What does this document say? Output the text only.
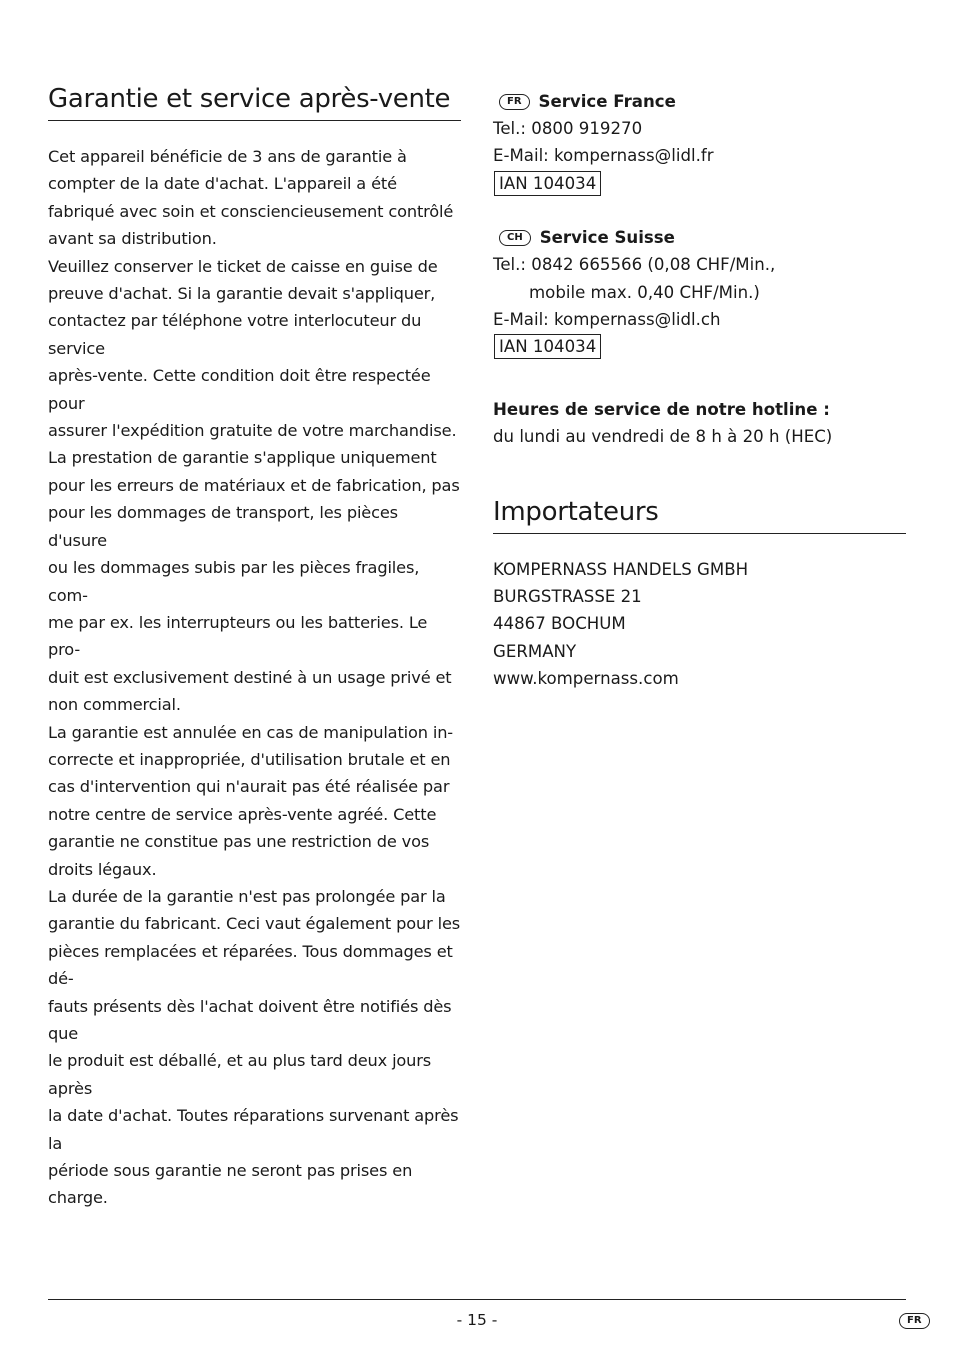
Garantie et service après-vente

Cet appareil bénéficie de 3 ans de garantie à
compter de la date d'achat. L'appareil a été
fabriqué avec soin et consciencieusement contrôlé
avant sa distribution.

Veuillez conserver le ticket de caisse en guise de
preuve d'achat. Si la garantie devait s'appliquer,
contactez par téléphone votre interlocuteur du service
après-vente. Cette condition doit être respectée pour
assurer l'expédition gratuite de votre marchandise.

La prestation de garantie s'applique uniquement
pour les erreurs de matériaux et de fabrication, pas
pour les dommages de transport, les pièces d'usure
ou les dommages subis par les pièces fragiles, com-
me par ex. les interrupteurs ou les batteries. Le pro-
duit est exclusivement destiné à un usage privé et
non commercial.

La garantie est annulée en cas de manipulation in-
correcte et inappropriée, d'utilisation brutale et en
cas d'intervention qui n'aurait pas été réalisée par
notre centre de service après-vente agréé. Cette
garantie ne constitue pas une restriction de vos
droits légaux.

La durée de la garantie n'est pas prolongée par la
garantie du fabricant. Ceci vaut également pour les
pièces remplacées et réparées. Tous dommages et dé-
fauts présents dès l'achat doivent être notifiés dès que
le produit est déballé, et au plus tard deux jours après
la date d'achat. Toutes réparations survenant après la
période sous garantie ne seront pas prises en charge.

FR	Service France
Tel.: 0800 919270
E-Mail: kompernass@lidl.fr
IAN 104034
CH	Service Suisse
Tel.: 0842 665566 (0,08 CHF/Min.,
mobile max. 0,40 CHF/Min.)
E-Mail: kompernass@lidl.ch
IAN 104034
Heures de service de notre hotline :
du lundi au vendredi de 8 h à 20 h (HEC)
Importateurs
KOMPERNASS HANDELS GMBH
BURGSTRASSE 21
44867 BOCHUM
GERMANY
www.kompernass.com
- 15 -	FR
